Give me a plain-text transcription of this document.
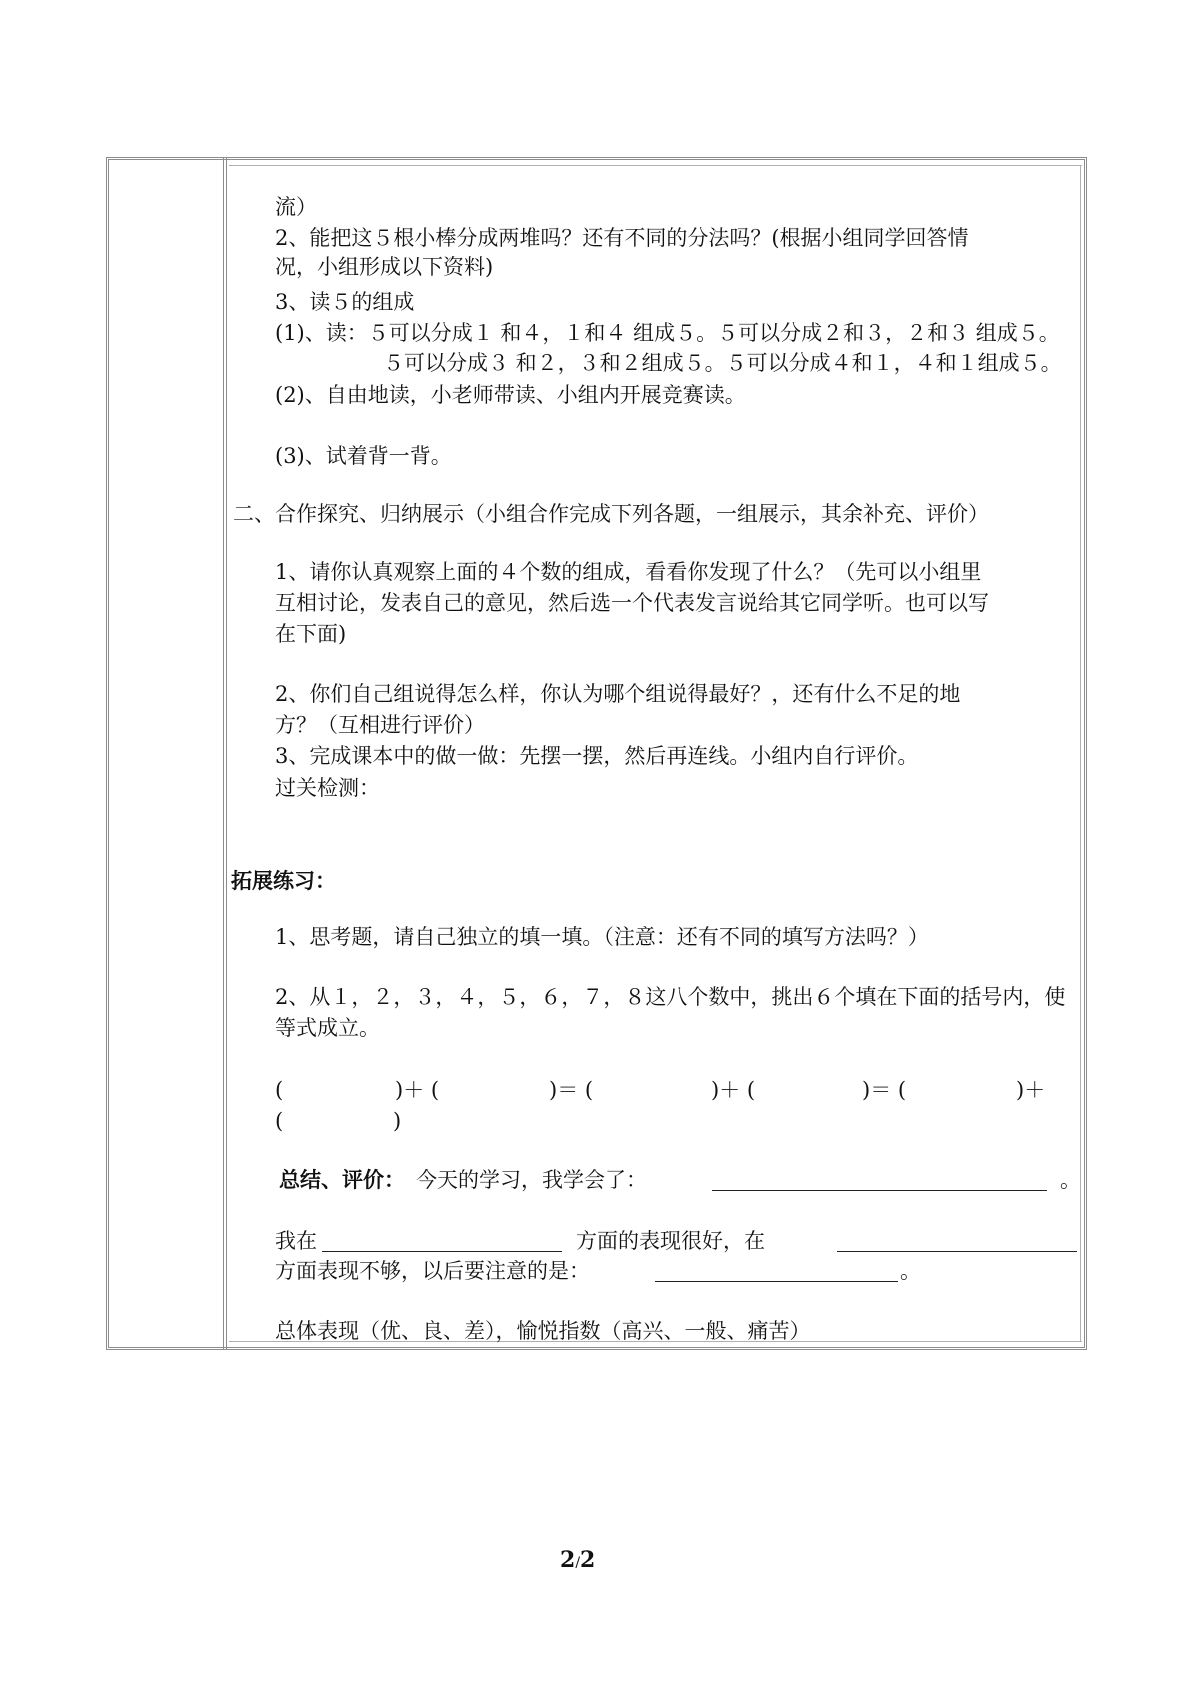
流）
2、能把这５根小棒分成两堆吗？还有不同的分法吗？(根据小组同学回答情
况，小组形成以下资料)
3、读５的组成
(1)、读：５可以分成１ 和４，１和４ 组成５。５可以分成２和３，２和３ 组成５。
５可以分成３ 和２，３和２组成５。５可以分成４和１，４和１组成５。
(2)、自由地读，小老师带读、小组内开展竞赛读。
(3)、试着背一背。
二、合作探究、归纳展示（小组合作完成下列各题，一组展示，其余补充、评价）
1、请你认真观察上面的４个数的组成，看看你发现了什么？（先可以小组里
互相讨论，发表自己的意见，然后选一个代表发言说给其它同学听。也可以写
在下面)
2、你们自己组说得怎么样，你认为哪个组说得最好？，还有什么不足的地
方？（互相进行评价）
3、完成课本中的做一做：先摆一摆，然后再连线。小组内自行评价。
过关检测：
拓展练习：
1、思考题，请自己独立的填一填。（注意：还有不同的填写方法吗？）
2、从１，２，３，４，５，６，７，８这八个数中，挑出６个填在下面的括号内，使
等式成立。
(	)＋ (	)＝ (	)＋ (	)＝ (	)＋
(	)
总结、评价： 今天的学习，我学会了：	。
我在	方面的表现很好，在
方面表现不够，以后要注意的是：	。
总体表现（优、良、差），愉悦指数（高兴、一般、痛苦）
2/2
